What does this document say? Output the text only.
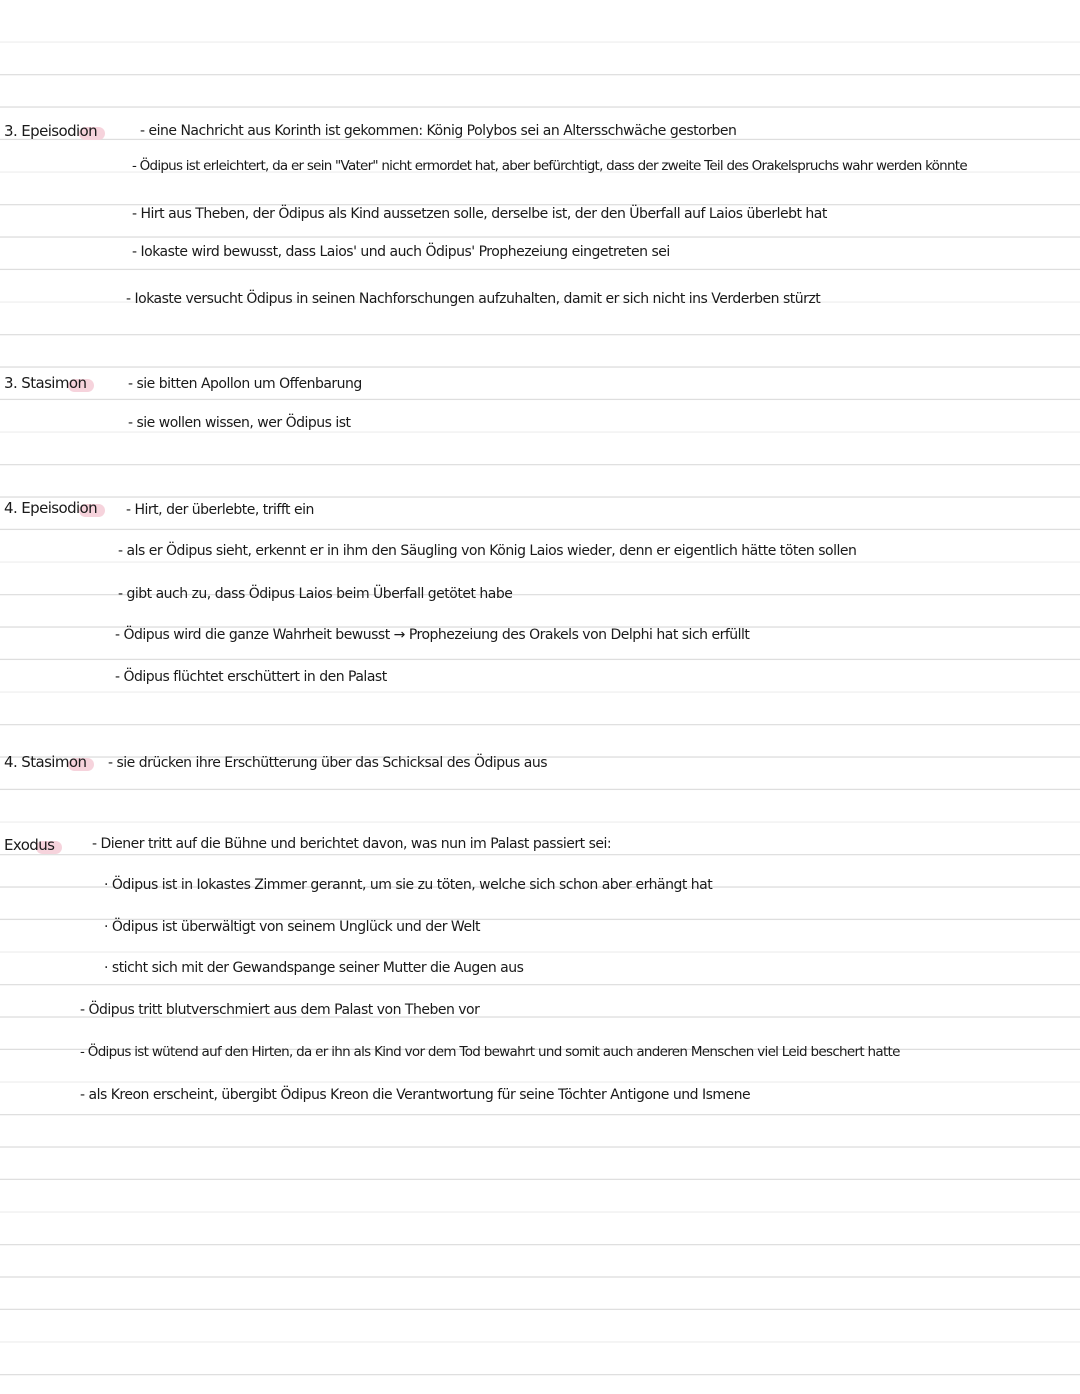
3. Epeisodion	- eine Nachricht aus Korinth ist gekommen: König Polybos sei an Altersschwäche gestorben
- Ödipus ist erleichtert, da er sein "Vater" nicht ermordet hat, aber befürchtigt, dass der zweite Teil des Orakelspruchs wahr werden könnte
- Hirt aus Theben, der Ödipus als Kind aussetzen solle, derselbe ist, der den Überfall auf Laios überlebt hat
- Iokaste wird bewusst, dass Laios' und auch Ödipus' Prophezeiung eingetreten sei
- Iokaste versucht Ödipus in seinen Nachforschungen aufzuhalten, damit er sich nicht ins Verderben stürzt
3. Stasimon	- sie bitten Apollon um Offenbarung
- sie wollen wissen, wer Ödipus ist
4. Epeisodion - Hirt, der überlebte, trifft ein
- als er Ödipus sieht, erkennt er in ihm den Säugling von König Laios wieder, denn er eigentlich hätte töten sollen
- gibt auch zu, dass Ödipus Laios beim Überfall getötet habe
- Ödipus wird die ganze Wahrheit bewusst → Prophezeiung des Orakels von Delphi hat sich erfüllt
- Ödipus flüchtet erschüttert in den Palast
4. Stasimon - sie drücken ihre Erschütterung über das Schicksal des Ödipus aus
Exodus	- Diener tritt auf die Bühne und berichtet davon, was nun im Palast passiert sei:
· Ödipus ist in Iokastes Zimmer gerannt, um sie zu töten, welche sich schon aber erhängt hat
· Ödipus ist überwältigt von seinem Unglück und der Welt
· sticht sich mit der Gewandspange seiner Mutter die Augen aus
- Ödipus tritt blutverschmiert aus dem Palast von Theben vor
- Ödipus ist wütend auf den Hirten, da er ihn als Kind vor dem Tod bewahrt und somit auch anderen Menschen viel Leid beschert hatte
- als Kreon erscheint, übergibt Ödipus Kreon die Verantwortung für seine Töchter Antigone und Ismene
